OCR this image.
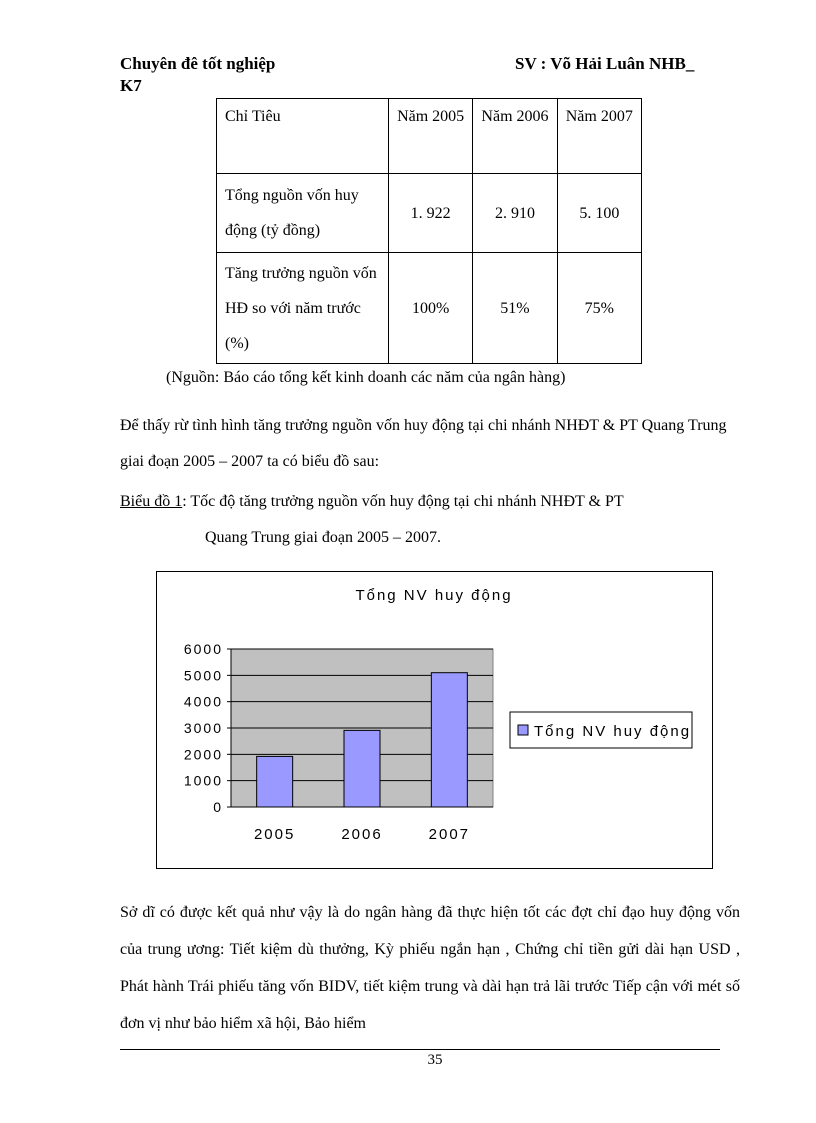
Chuyên đê tốt nghiệp	SV : Võ Hải Luân NHB_
K7
Chỉ Tiêu	Năm 2005	Năm 2006	Năm 2007
Tổng nguồn vốn huy động (tỷ đồng)	1. 922	2. 910	5. 100
Tăng trưởng nguồn vốn HĐ so với năm trước (%)	100%	51%	75%
(Nguồn: Báo cáo tổng kết kinh doanh các năm của ngân hàng)
Để thấy rừ tình hình tăng trưởng nguồn vốn huy động tại chi nhánh NHĐT & PT Quang Trung giai đoạn 2005 – 2007 ta có biểu đồ sau:
Biểu đồ 1: Tốc độ tăng trưởng nguồn vốn huy động tại chi nhánh NHĐT & PT
Quang Trung giai đoạn 2005 – 2007.
Tổng NV huy động
0
1000
2000
3000
4000
5000
6000
2005	2006	2007
Tổng NV huy động
Sở dĩ có được kết quả như vậy là do ngân hàng đã thực hiện tốt các đợt chỉ đạo huy động vốn của trung ương: Tiết kiệm dù thưởng, Kỳ phiếu ngắn hạn , Chứng chỉ tiền gửi dài hạn USD , Phát hành Trái phiếu tăng vốn BIDV, tiết kiệm trung và dài hạn trả lãi trước Tiếp cận với mét số đơn vị như bảo hiểm xã hội, Bảo hiểm
35
